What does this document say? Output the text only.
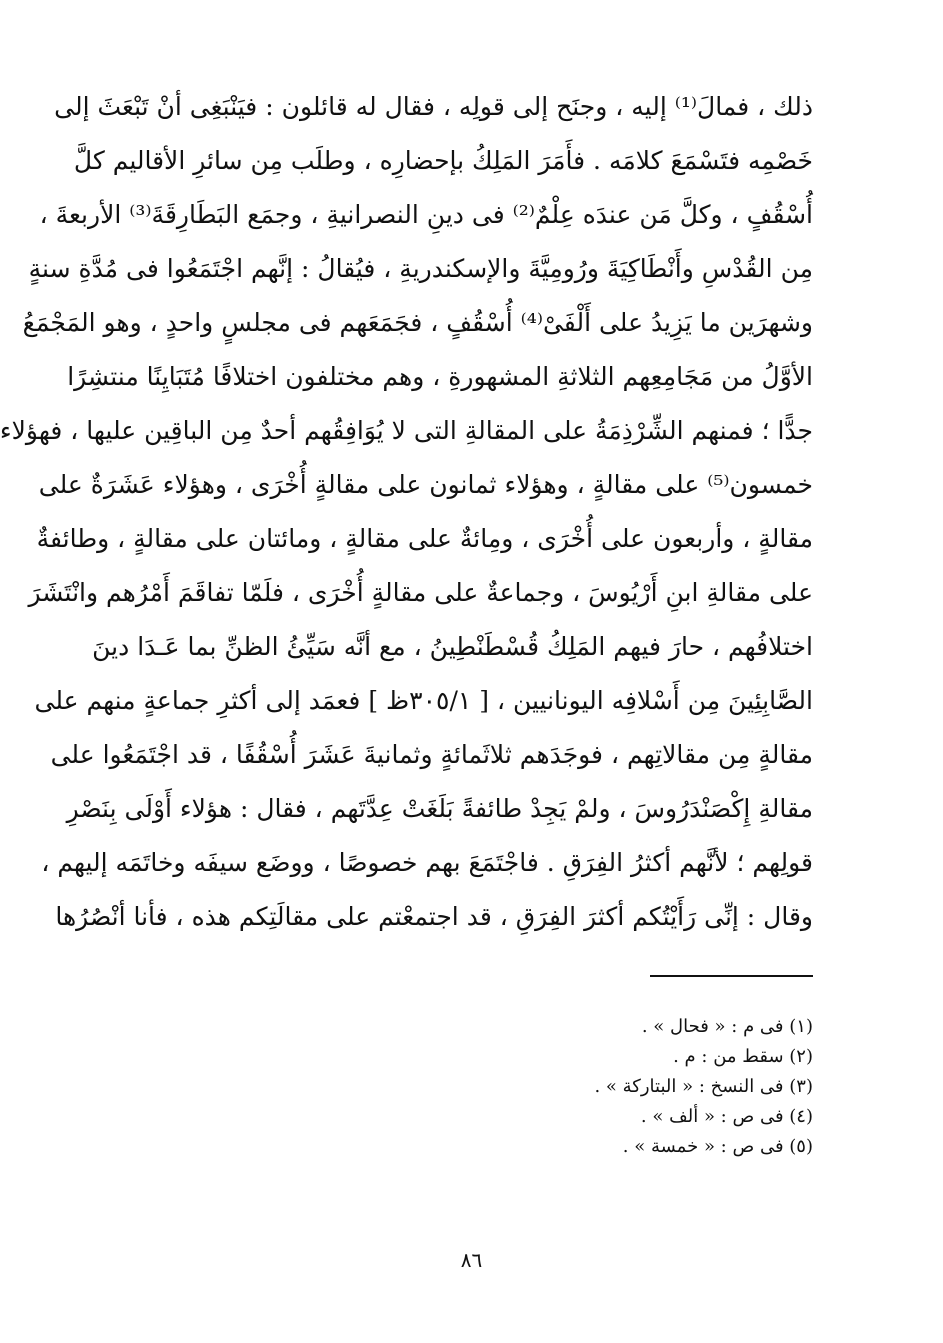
ذلك ، فمالَ⁽¹⁾ إليه ، وجنَح إلى قولِه ، فقال له قائلون : فيَنْبَغِى أنْ تَبْعَثَ إلى
خَصْمِه فتَسْمَعَ كلامَه . فأَمَرَ المَلِكُ بإحضارِه ، وطلَب مِن سائرِ الأقاليم كلَّ
أُسْقُفٍ ، وكلَّ مَن عندَه عِلْمٌ⁽²⁾ فى دينِ النصرانيةِ ، وجمَع البَطَارِقَةَ⁽³⁾ الأربعةَ ،
مِن القُدْسِ وأَنْطَاكِيَةَ ورُومِيَّةَ والإسكندريةِ ، فيُقالُ : إنَّهم اجْتَمَعُوا فى مُدَّةِ سنةٍ
وشهرَين ما يَزِيدُ على أَلْفَىْ⁽⁴⁾ أُسْقُفٍ ، فجَمَعَهم فى مجلسٍ واحدٍ ، وهو المَجْمَعُ
الأوَّلُ من مَجَامِعِهم الثلاثةِ المشهورةِ ، وهم مختلفون اختلافًا مُتَبَايِنًا منتشِرًا
جدًّا ؛ فمنهم الشِّرْذِمَةُ على المقالةِ التى لا يُوَافِقُهم أحدٌ مِن الباقِين عليها ، فهؤلاء
خمسون⁽⁵⁾ على مقالةٍ ، وهؤلاء ثمانون على مقالةٍ أُخْرَى ، وهؤلاء عَشَرَةٌ على
مقالةٍ ، وأربعون على أُخْرَى ، ومِائةٌ على مقالةٍ ، ومائتان على مقالةٍ ، وطائفةٌ
على مقالةِ ابنِ أَرْيُوسَ ، وجماعةٌ على مقالةٍ أُخْرَى ، فلَمّا تفاقَمَ أَمْرُهم وانْتَشَرَ
اختلافُهم ، حارَ فيهم المَلِكُ قُسْطَنْطِينُ ، مع أنَّه سَيِّئُ الظنِّ بما عَـدَا دينَ
الصَّابِئِينَ مِن أَسْلافِه اليونانيين ، [ ٣٠٥/١ظ ] فعمَد إلى أكثرِ جماعةٍ منهم على
مقالةٍ مِن مقالاتِهم ، فوجَدَهم ثلاثَمائةٍ وثمانيةَ عَشَرَ أُسْقُفًا ، قد اجْتَمَعُوا على
مقالةِ إِكْصَنْدَرُوسَ ، ولمْ يَجِدْ طائفةً بَلَغَتْ عِدَّتَهم ، فقال : هؤلاء أَوْلَى بِنَصْرِ
قولِهم ؛ لأنَّهم أكثرُ الفِرَقِ . فاجْتَمَعَ بهم خصوصًا ، ووضَع سيفَه وخاتَمَه إليهم ،
وقال : إنِّى رَأَيْتُكم أكثرَ الفِرَقِ ، قد اجتمعْتم على مقالَتِكم هذه ، فأنا أنْصُرُها
(١) فى م : « فحال » .
(٢) سقط من : م .
(٣) فى النسخ : « البتاركة » .
(٤) فى ص : « ألف » .
(٥) فى ص : « خمسة » .
٨٦
